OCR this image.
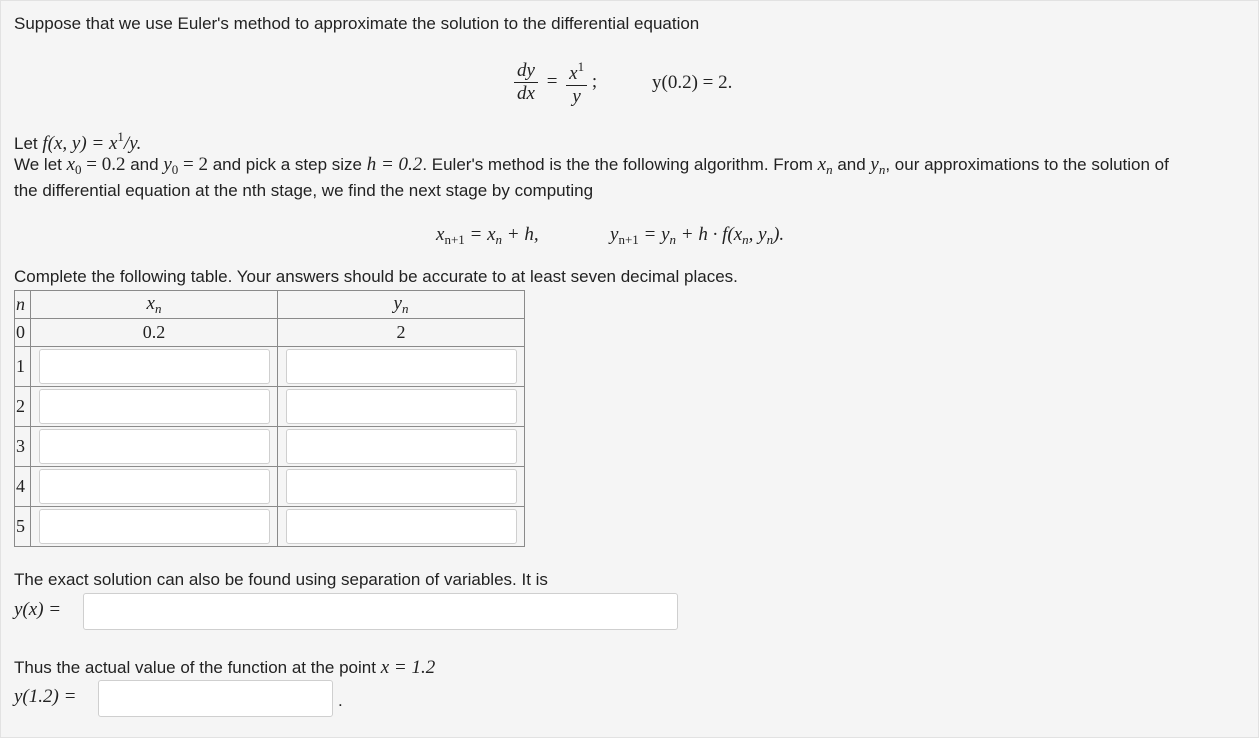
Suppose that we use Euler's method to approximate the solution to the differential equation
$\frac{dy}{dx} = \frac{x^1}{y}$ ;	y(0.2) = 2.
Let f(x, $y) = x^1/y$.
We let $x_0 = 0.2$ and $y_0 = 2$ and pick a step size h = 0.2. Euler's method is the the following algorithm. From $x_n$ and $y_n$, our approximations to the solution of
the differential equation at the nth stage, we find the next stage by computing
$x_{n+1} = x_n + h$,	$y_{n+1} = y_n + h \cdot f(x_n$, $y_n$).
Complete the following table. Your answers should be accurate to at least seven decimal places.
n	$x_n$	$y_n$
0	0.2	2
1	

2	

3	

4	

5	

The exact solution can also be found using separation of variables. It is
y(x) =
Thus the actual value of the function at the point x = 1.2
y(1.2) =	.
